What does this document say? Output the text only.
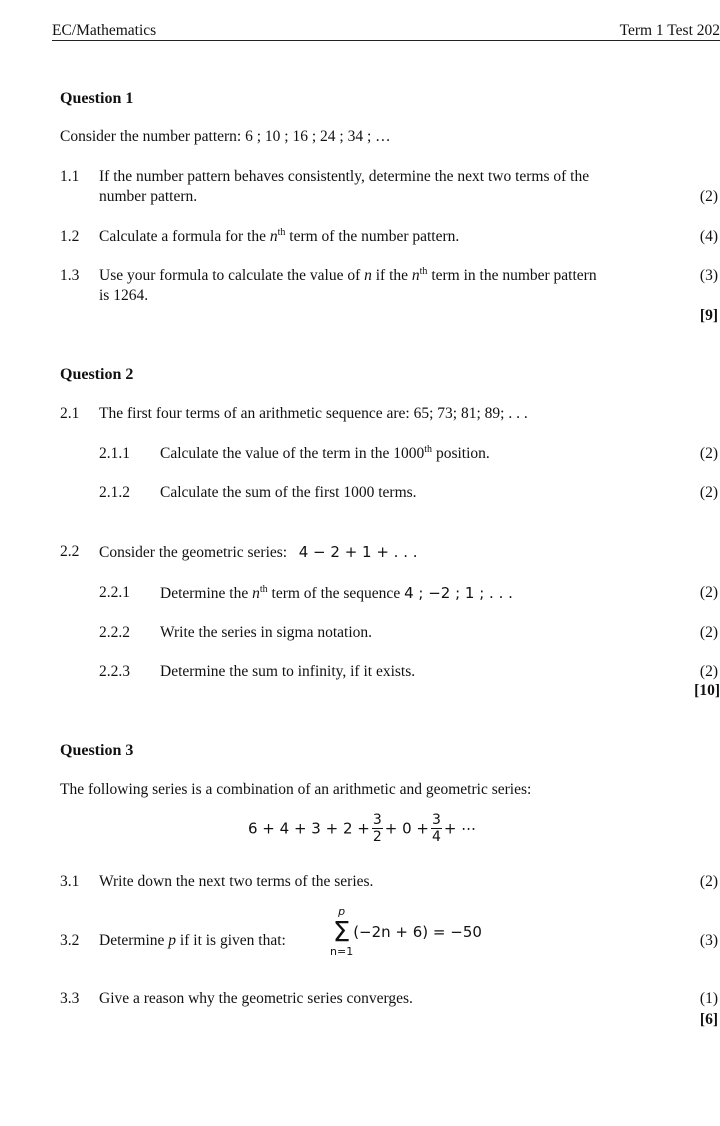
EC/Mathematics	Term 1 Test 202
Question 1
Consider the number pattern: 6 ; 10 ; 16 ; 24 ; 34 ; …
1.1 If the number pattern behaves consistently, determine the next two terms of the
number pattern.	(2)
1.2 Calculate a formula for the $n^{th}$ term of the number pattern.	(4)
1.3 Use your formula to calculate the value of n if the $n^{th}$ term in the number pattern
is 1264.
(3)
[9]
Question 2
2.1 The first four terms of an arithmetic sequence are: 65; 73; 81; 89; . . .
2.1.1 Calculate the value of the term in the 1000th position.	(2)
2.1.2 Calculate the sum of the first 1000 terms.	(2)
2.2 Consider the geometric series: 4 − 2 + 1 + . . .
2.2.1 Determine the $n^{th}$ term of the sequence 4 ; −2 ; 1 ; . . .	(2)
2.2.2 Write the series in sigma notation.	(2)
2.2.3 Determine the sum to infinity, if it exists.	(2)
[10]
Question 3
The following series is a combination of an arithmetic and geometric series:
$6 + 4 + 3 + 2 + \frac{3}{2} + 0 + \frac{3}{4}$ + ⋯
3.1 Write down the next two terms of the series.	(2)
3.2 Determine p if it is given that:
p
Σ
n=1
(−2n + 6) = −50	(3)
3.3 Give a reason why the geometric series converges.	(1)
[6]
